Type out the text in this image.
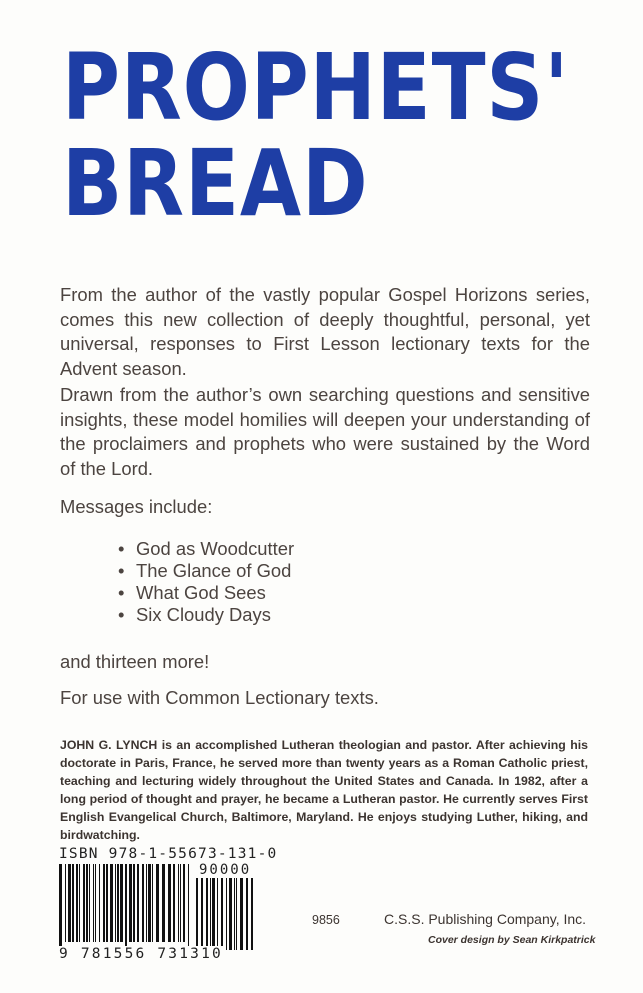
PROPHETS'
BREAD

From the author of the vastly popular Gospel Horizons series, comes this new collection of deeply thoughtful, personal, yet universal, responses to First Lesson lectionary texts for the Advent season.

Drawn from the author’s own searching questions and sensitive insights, these model homilies will deepen your understanding of the proclaimers and prophets who were sustained by the Word of the Lord.

Messages include:

• God as Woodcutter
• The Glance of God
• What God Sees
• Six Cloudy Days

and thirteen more!

For use with Common Lectionary texts.

JOHN G. LYNCH is an accomplished Lutheran theologian and pastor. After achieving his doctorate in Paris, France, he served more than twenty years as a Roman Catholic priest, teaching and lecturing widely throughout the United States and Canada. In 1982, after a long period of thought and prayer, he became a Lutheran pastor. He currently serves First English Evangelical Church, Baltimore, Maryland. He enjoys studying Luther, hiking, and birdwatching.

ISBN 978-1-55673-131-0

90000

9 781556 731310

9856	C.S.S. Publishing Company, Inc.

Cover design by Sean Kirkpatrick
